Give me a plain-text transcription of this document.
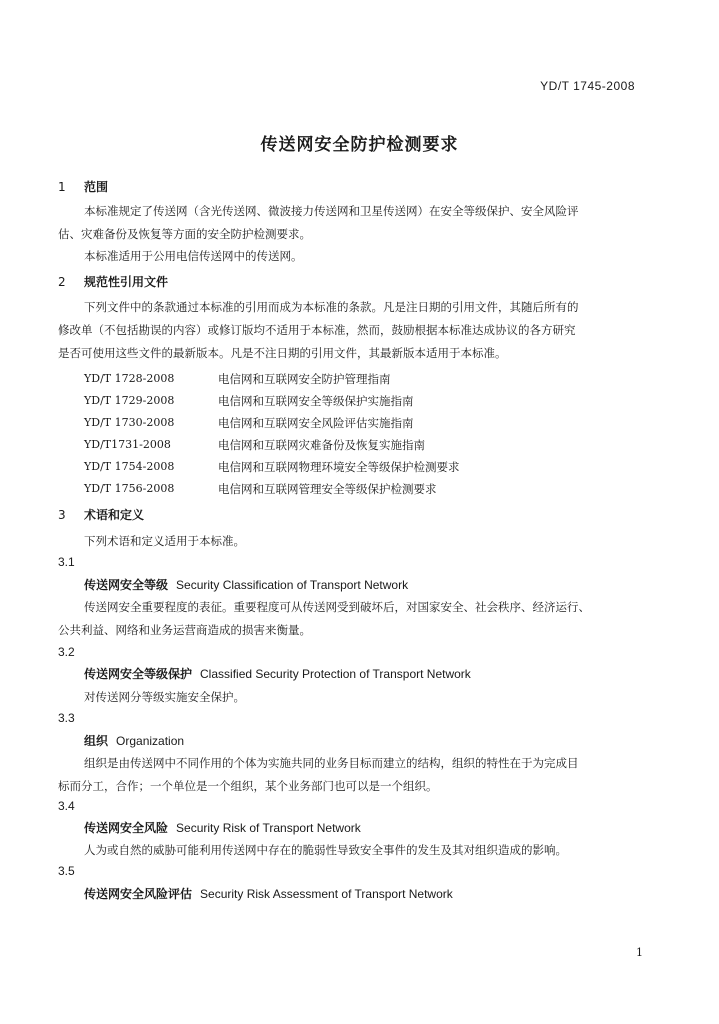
YD/T 1745-2008
传送网安全防护检测要求
1 范围
本标准规定了传送网（含光传送网、微波接力传送网和卫星传送网）在安全等级保护、安全风险评
估、灾难备份及恢复等方面的安全防护检测要求。
本标准适用于公用电信传送网中的传送网。
2 规范性引用文件
下列文件中的条款通过本标准的引用而成为本标准的条款。凡是注日期的引用文件，其随后所有的
修改单（不包括勘误的内容）或修订版均不适用于本标准，然而，鼓励根据本标准达成协议的各方研究
是否可使用这些文件的最新版本。凡是不注日期的引用文件，其最新版本适用于本标准。
YD/T 1728-2008	电信网和互联网安全防护管理指南
YD/T 1729-2008	电信网和互联网安全等级保护实施指南
YD/T 1730-2008	电信网和互联网安全风险评估实施指南
YD/T1731-2008	电信网和互联网灾难备份及恢复实施指南
YD/T 1754-2008	电信网和互联网物理环境安全等级保护检测要求
YD/T 1756-2008	电信网和互联网管理安全等级保护检测要求
3 术语和定义
下列术语和定义适用于本标准。
3.1
传送网安全等级 Security Classification of Transport Network
传送网安全重要程度的表征。重要程度可从传送网受到破坏后，对国家安全、社会秩序、经济运行、
公共利益、网络和业务运营商造成的损害来衡量。
3.2
传送网安全等级保护 Classified Security Protection of Transport Network
对传送网分等级实施安全保护。
3.3
组织 Organization
组织是由传送网中不同作用的个体为实施共同的业务目标而建立的结构，组织的特性在于为完成目
标而分工，合作；一个单位是一个组织，某个业务部门也可以是一个组织。
3.4
传送网安全风险 Security Risk of Transport Network
人为或自然的威胁可能利用传送网中存在的脆弱性导致安全事件的发生及其对组织造成的影响。
3.5
传送网安全风险评估 Security Risk Assessment of Transport Network
1
